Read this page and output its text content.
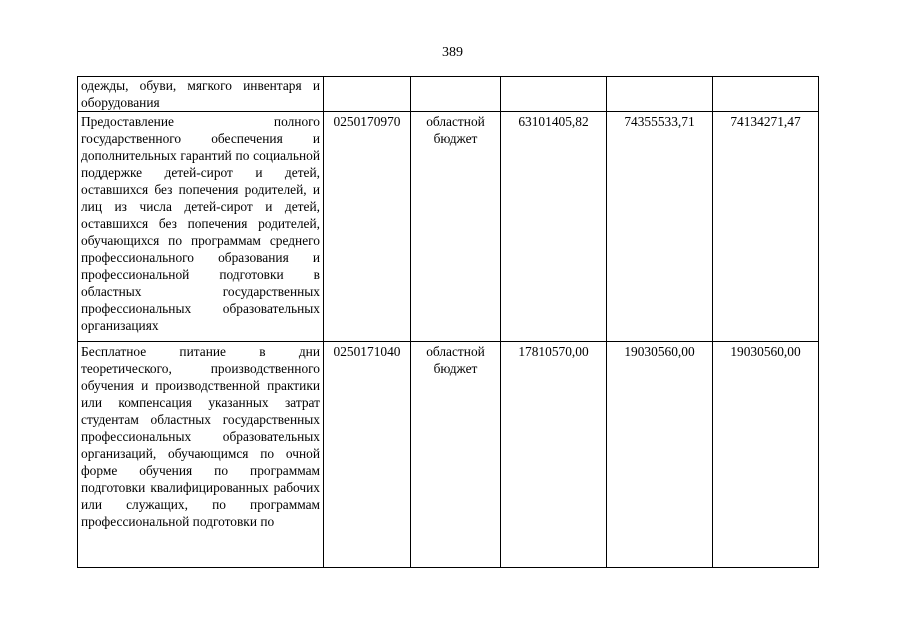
389
одежды, обуви, мягкого инвентаря и оборудования					

Предоставление полного государственного обеспечения и дополнительных гарантий по социальной поддержке детей-сирот и детей, оставшихся без попечения родителей, и лиц из числа детей-сирот и детей, оставшихся без попечения родителей, обучающихся по программам среднего профессионального образования и профессиональной подготовки в областных государственных профессиональных образовательных организациях	0250170970	областной бюджет	63101405,82	74355533,71	74134271,47

Бесплатное питание в дни теоретического, производственного обучения и производственной практики или компенсация указанных затрат студентам областных государственных профессиональных образовательных организаций, обучающимся по очной форме обучения по программам подготовки квалифицированных рабочих или служащих, по программам профессиональной подготовки по	0250171040	областной бюджет	17810570,00	19030560,00	19030560,00
